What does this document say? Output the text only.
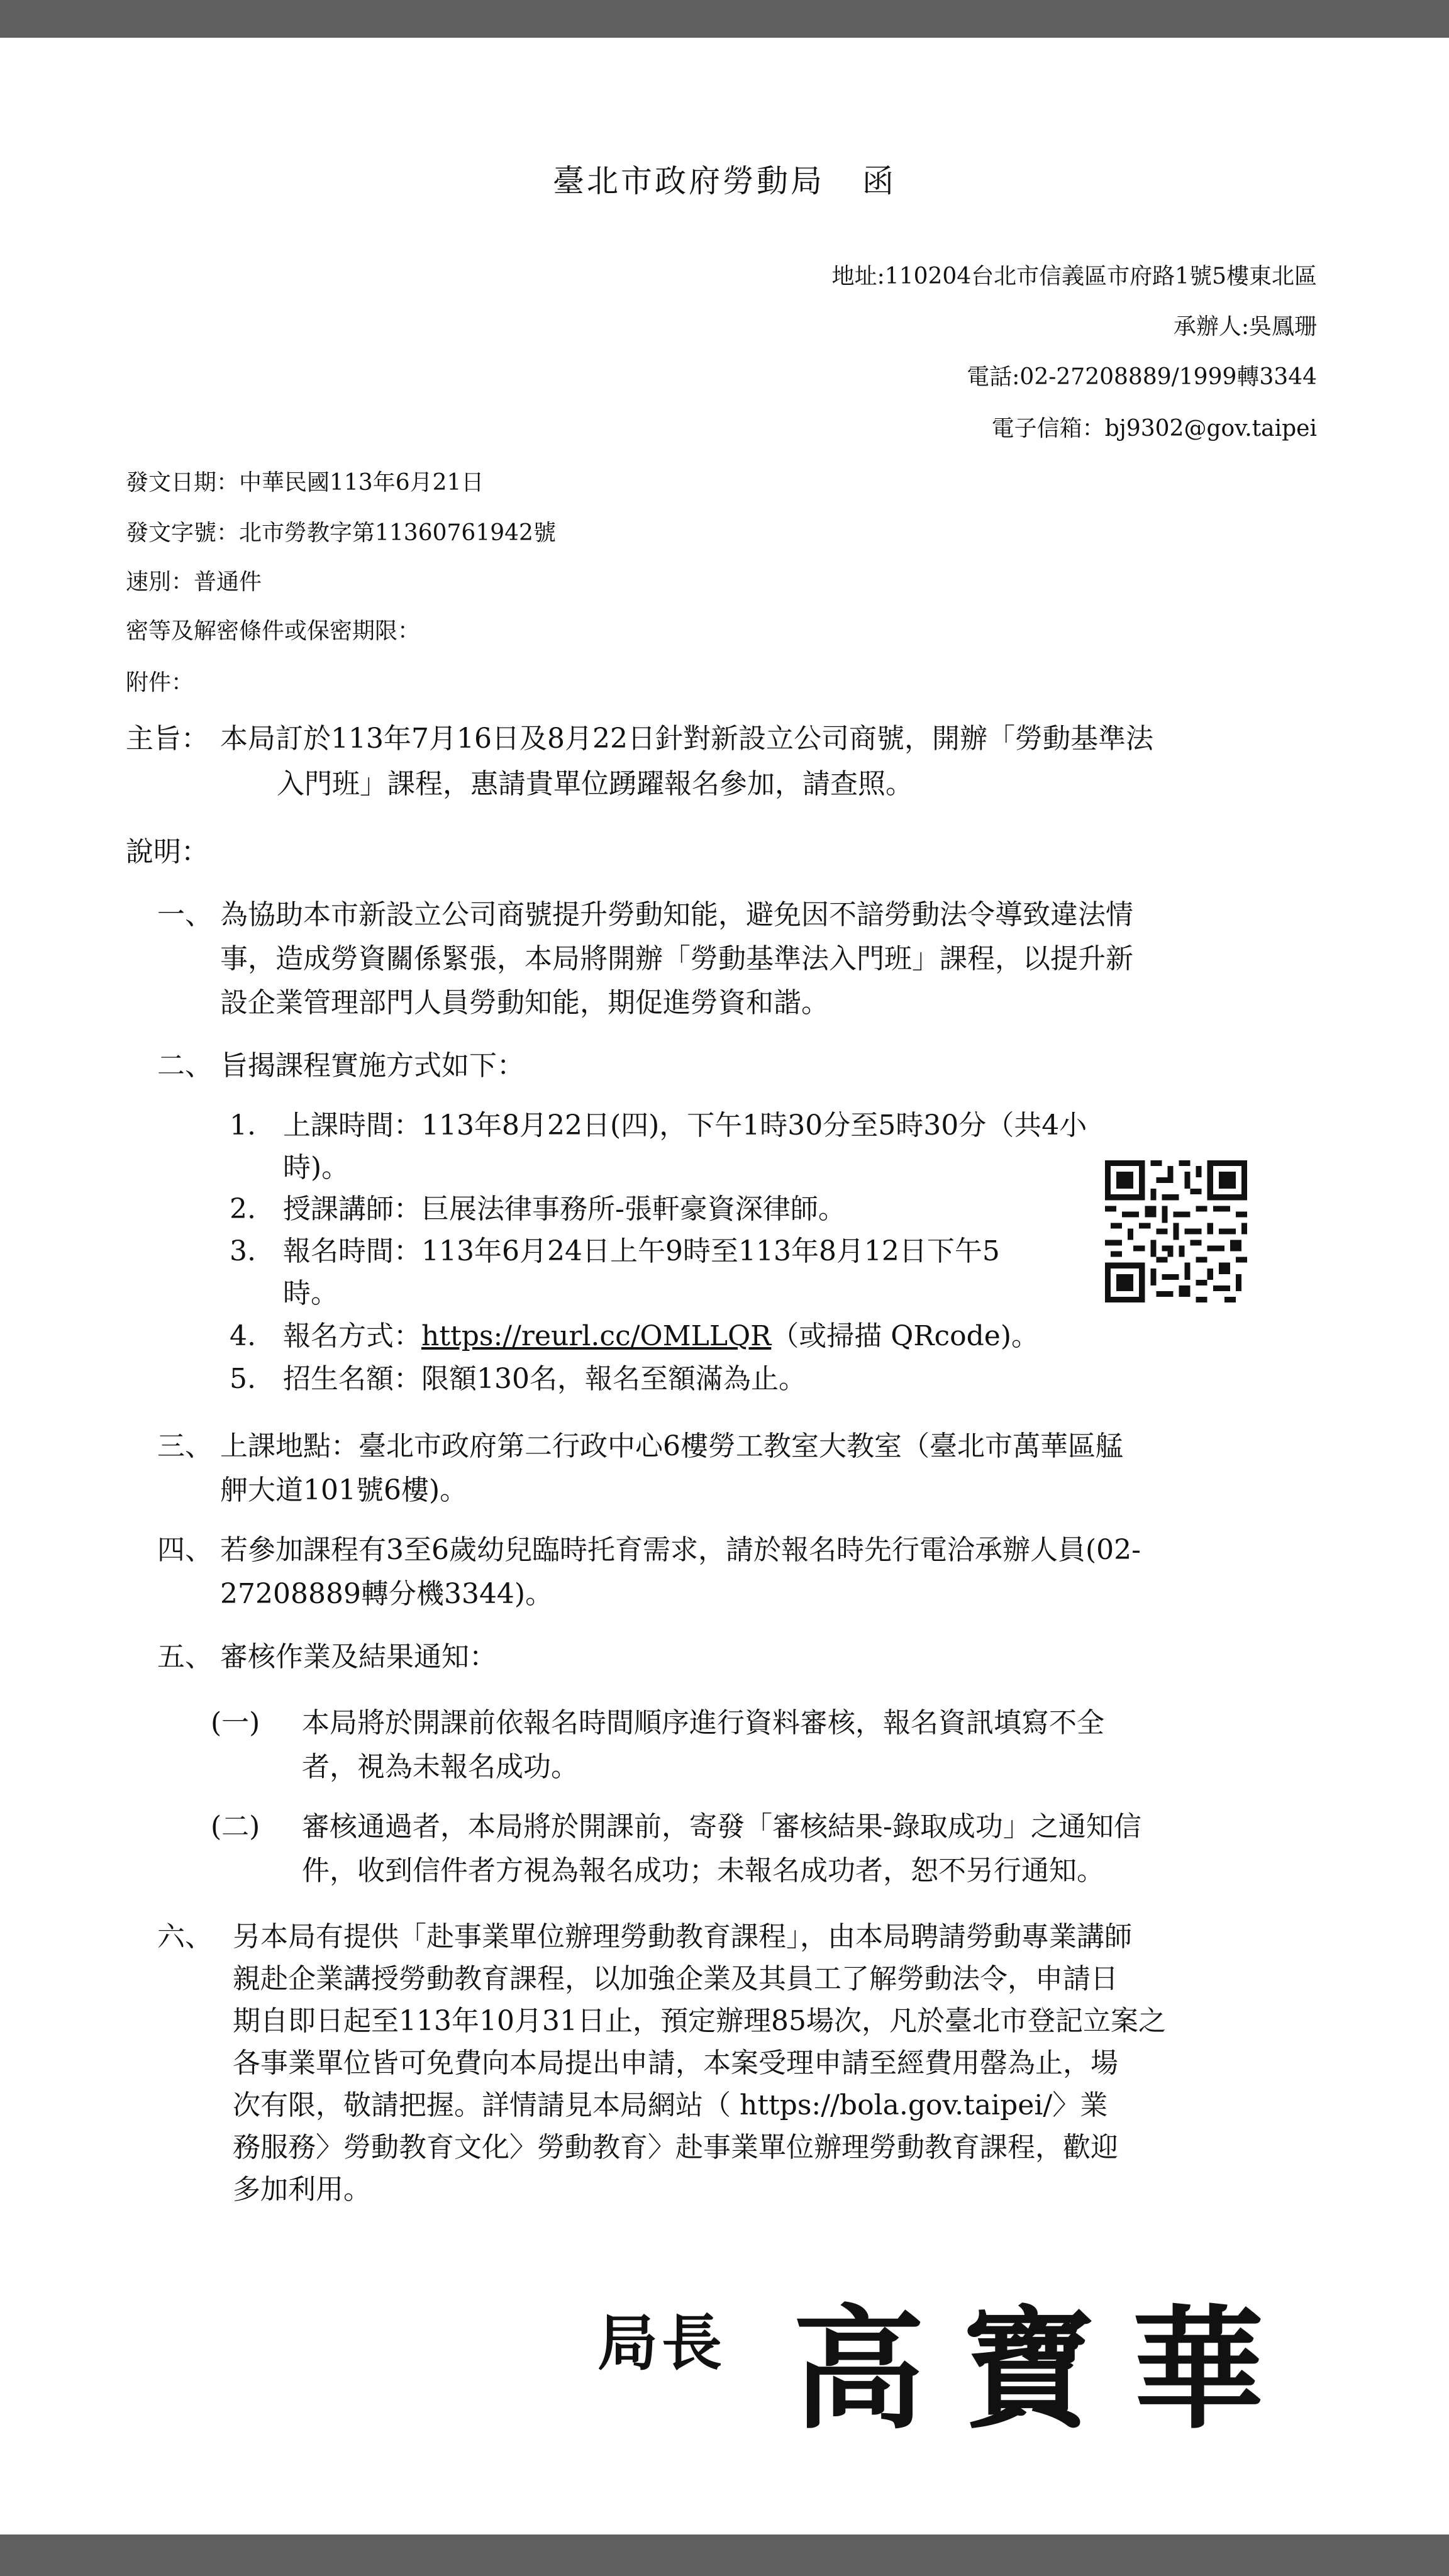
臺北市政府勞動局 函
地址:110204台北市信義區市府路1號5樓東北區
承辦人:吳鳳珊
電話:02-27208889/1999轉3344
電子信箱：bj9302@gov.taipei
發文日期：中華民國113年6月21日
發文字號：北市勞教字第11360761942號
速別：普通件
密等及解密條件或保密期限：
附件：
主旨： 本局訂於113年7月16日及8月22日針對新設立公司商號，開辦「勞動基準法
入門班」課程，惠請貴單位踴躍報名參加，請查照。
說明：
一、 為協助本市新設立公司商號提升勞動知能，避免因不諳勞動法令導致違法情
事，造成勞資關係緊張，本局將開辦「勞動基準法入門班」課程，以提升新
設企業管理部門人員勞動知能，期促進勞資和諧。
二、 旨揭課程實施方式如下：
1. 上課時間：113年8月22日(四)，下午1時30分至5時30分（共4小
時)。
2. 授課講師：巨展法律事務所-張軒豪資深律師。
3. 報名時間：113年6月24日上午9時至113年8月12日下午5
時。
4. 報名方式：https://reurl.cc/OMLLQR（或掃描 QRcode)。
5. 招生名額：限額130名，報名至額滿為止。
三、 上課地點：臺北市政府第二行政中心6樓勞工教室大教室（臺北市萬華區艋
舺大道101號6樓)。
四、 若參加課程有3至6歲幼兒臨時托育需求，請於報名時先行電洽承辦人員(02-
27208889轉分機3344)。
五、 審核作業及結果通知：
(一) 本局將於開課前依報名時間順序進行資料審核，報名資訊填寫不全
者，視為未報名成功。
(二) 審核通過者，本局將於開課前，寄發「審核結果-錄取成功」之通知信
件，收到信件者方視為報名成功；未報名成功者，恕不另行通知。
六、 另本局有提供「赴事業單位辦理勞動教育課程」，由本局聘請勞動專業講師
親赴企業講授勞動教育課程，以加強企業及其員工了解勞動法令，申請日
期自即日起至113年10月31日止，預定辦理85場次，凡於臺北市登記立案之
各事業單位皆可免費向本局提出申請，本案受理申請至經費用罄為止，場
次有限，敬請把握。詳情請見本局網站（ https://bola.gov.taipei/〉業
務服務〉勞動教育文化〉勞動教育〉赴事業單位辦理勞動教育課程，歡迎
多加利用。
局長 高寶華
